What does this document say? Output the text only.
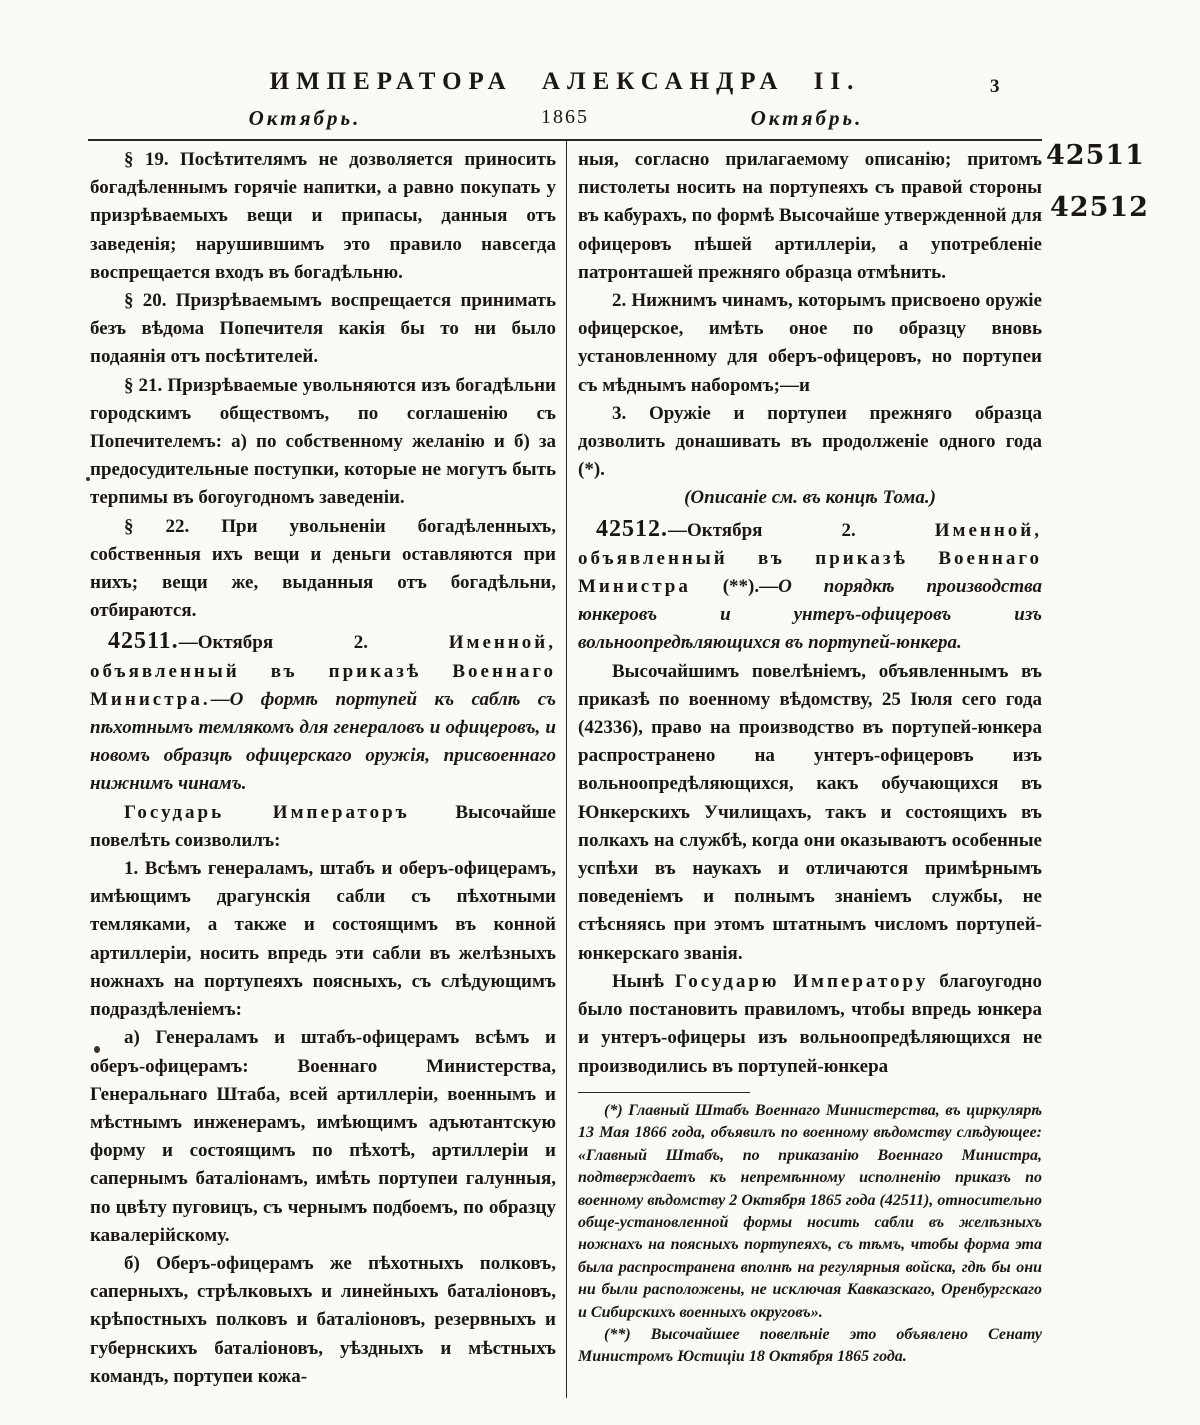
ИМПЕРАТОРА АЛЕКСАНДРА II.	3
Октябрь.	1865	Октябрь.
42511
42512

§ 19. Посѣтителямъ не дозволяется приносить богадѣленнымъ горячіе напитки, а равно покупать у призрѣваемыхъ вещи и припасы, данныя отъ заведенія; нарушившимъ это правило навсегда воспрещается входъ въ богадѣльню.

§ 20. Призрѣваемымъ воспрещается принимать безъ вѣдома Попечителя какія бы то ни было подаянія отъ посѣтителей.

§ 21. Призрѣваемые увольняются изъ богадѣльни городскимъ обществомъ, по соглашенію съ Попечителемъ: а) по собственному желанію и б) за предосудительные поступки, которые не могутъ быть терпимы въ богоугодномъ заведеніи.

§ 22. При увольненіи богадѣленныхъ, собственныя ихъ вещи и деньги оставляются при нихъ; вещи же, выданныя отъ богадѣльни, отбираются.

42511.—Октября 2. Именной, объявленный въ приказѣ Военнаго Министра.—О формѣ портупей къ саблѣ съ пѣхотнымъ темлякомъ для генераловъ и офицеровъ, и новомъ образцѣ офицерскаго оружія, присвоеннаго нижнимъ чинамъ.

Государь Императоръ Высочайше повелѣть соизволилъ:

1. Всѣмъ генераламъ, штабъ и оберъ-офицерамъ, имѣющимъ драгунскія сабли съ пѣхотными темляками, а также и состоящимъ въ конной артиллеріи, носить впредь эти сабли въ желѣзныхъ ножнахъ на портупеяхъ поясныхъ, съ слѣдующимъ подраздѣленіемъ:

а) Генераламъ и штабъ-офицерамъ всѣмъ и оберъ-офицерамъ: Военнаго Министерства, Генеральнаго Штаба, всей артиллеріи, военнымъ и мѣстнымъ инженерамъ, имѣющимъ адъютантскую форму и состоящимъ по пѣхотѣ, артиллеріи и сапернымъ баталіонамъ, имѣть портупеи галунныя, по цвѣту пуговицъ, съ чернымъ подбоемъ, по образцу кавалерійскому.

б) Оберъ-офицерамъ же пѣхотныхъ полковъ, саперныхъ, стрѣлковыхъ и линейныхъ баталіоновъ, крѣпостныхъ полковъ и баталіоновъ, резервныхъ и губернскихъ баталіоновъ, уѣздныхъ и мѣстныхъ командъ, портупеи кожа-

ныя, согласно прилагаемому описанію; притомъ пистолеты носить на портупеяхъ съ правой стороны въ кабурахъ, по формѣ Высочайше утвержденной для офицеровъ пѣшей артиллеріи, а употребленіе патронташей прежняго образца отмѣнить.

2. Нижнимъ чинамъ, которымъ присвоено оружіе офицерское, имѣть оное по образцу вновь установленному для оберъ-офицеровъ, но портупеи съ мѣднымъ наборомъ;—и

3. Оружіе и портупеи прежняго образца дозволить донашивать въ продолженіе одного года (*).

(Описаніе см. въ концѣ Тома.)

42512.—Октября 2. Именной, объявленный въ приказѣ Военнаго Министра (**).—О порядкѣ производства юнкеровъ и унтеръ-офицеровъ изъ вольноопредѣляющихся въ портупей-юнкера.

Высочайшимъ повелѣніемъ, объявленнымъ въ приказѣ по военному вѣдомству, 25 Іюля сего года (42336), право на производство въ портупей-юнкера распространено на унтеръ-офицеровъ изъ вольноопредѣляющихся, какъ обучающихся въ Юнкерскихъ Училищахъ, такъ и состоящихъ въ полкахъ на службѣ, когда они оказываютъ особенные успѣхи въ наукахъ и отличаются примѣрнымъ поведеніемъ и полнымъ знаніемъ службы, не стѣсняясь при этомъ штатнымъ числомъ портупей-юнкерскаго званія.

Нынѣ Государю Императору благоугодно было постановить правиломъ, чтобы впредь юнкера и унтеръ-офицеры изъ вольноопредѣляющихся не производились въ портупей-юнкера

(*) Главный Штабъ Военнаго Министерства, въ циркулярѣ 13 Мая 1866 года, объявилъ по военному вѣдомству слѣдующее: «Главный Штабъ, по приказанію Военнаго Министра, подтверждаетъ къ непремѣнному исполненію приказъ по военному вѣдомству 2 Октября 1865 года (42511), относительно обще-установленной формы носить сабли въ желѣзныхъ ножнахъ на поясныхъ портупеяхъ, съ тѣмъ, чтобы форма эта была распространена вполнѣ на регулярныя войска, гдѣ бы они ни были расположены, не исключая Кавказскаго, Оренбургскаго и Сибирскихъ военныхъ округовъ».

(**) Высочайшее повелѣніе это объявлено Сенату Министромъ Юстиціи 18 Октября 1865 года.
